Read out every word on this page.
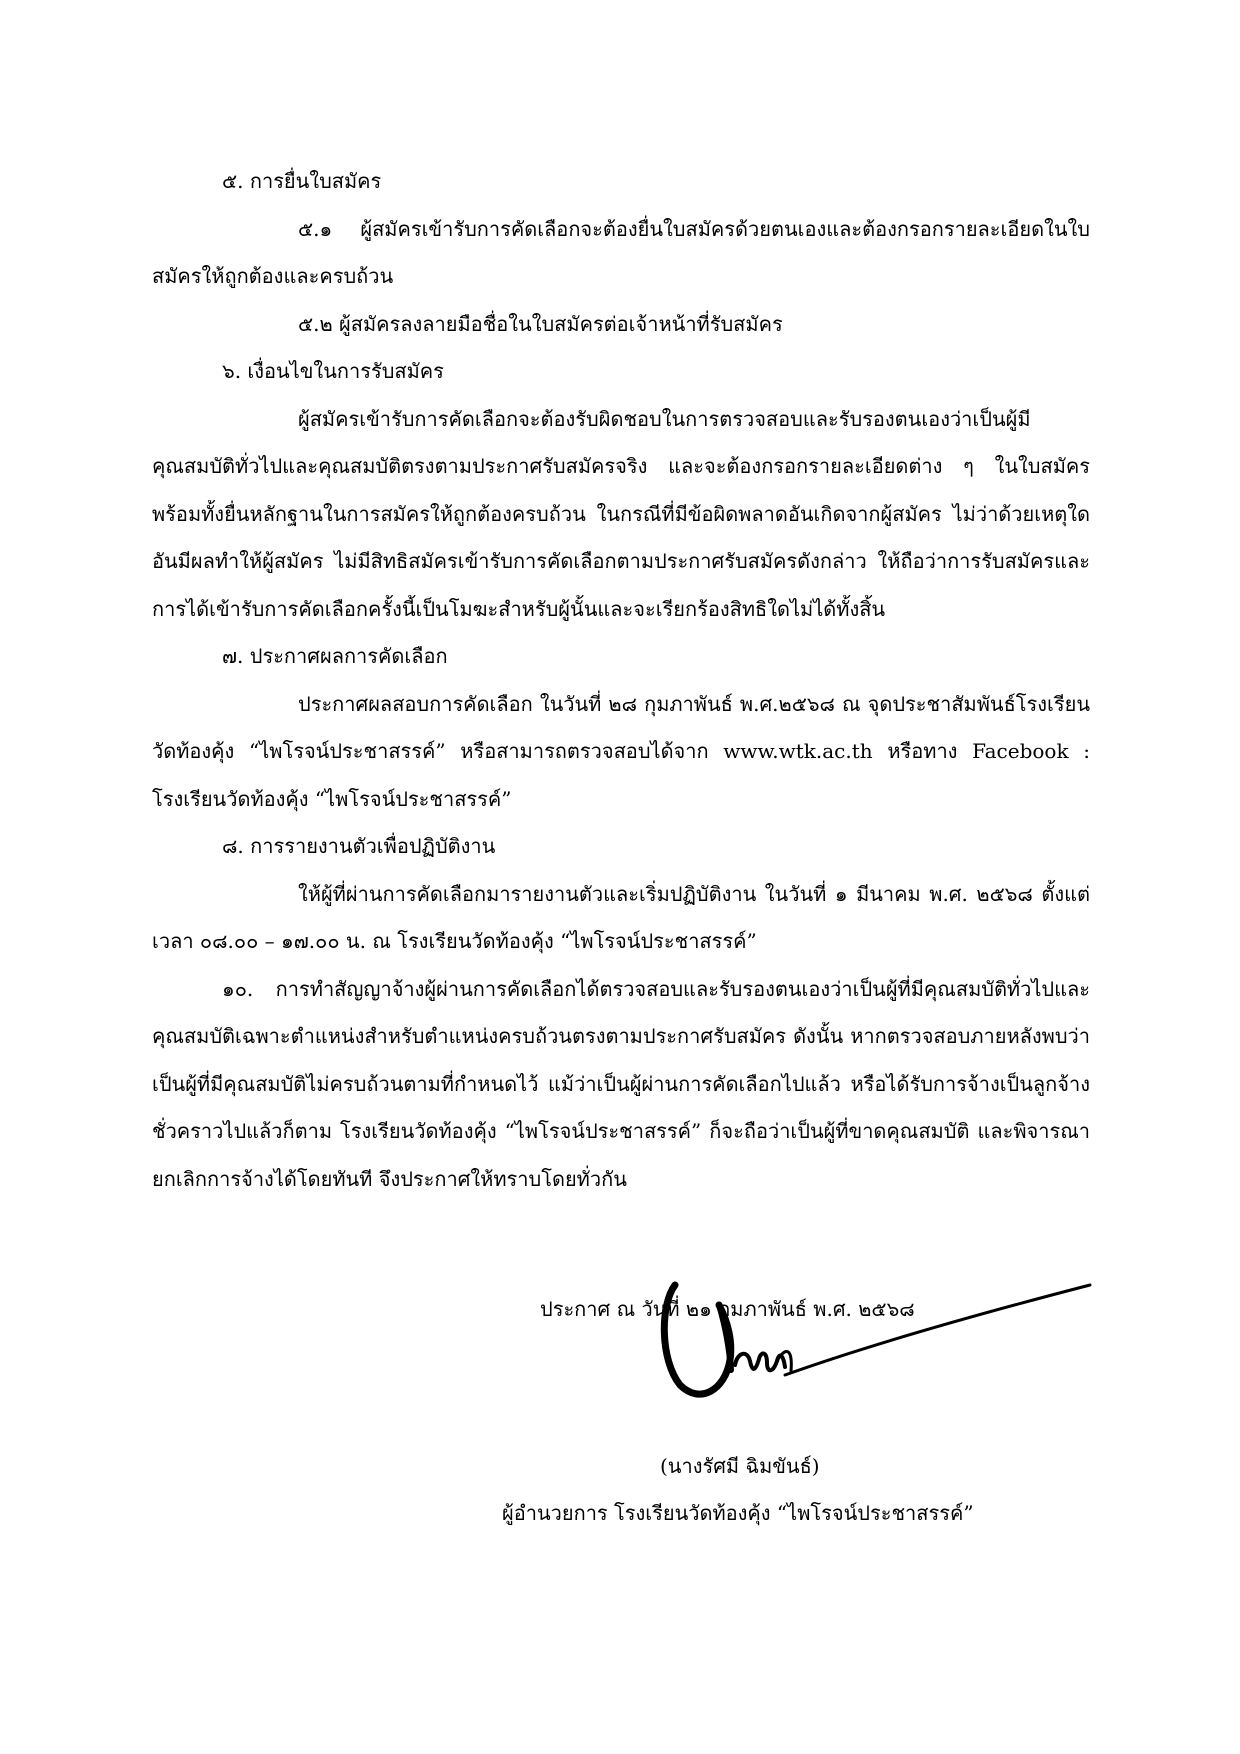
๕. การยื่นใบสมัคร

๕.๑ ผู้สมัครเข้ารับการคัดเลือกจะต้องยื่นใบสมัครด้วยตนเองและต้องกรอกรายละเอียดในใบสมัครให้ถูกต้องและครบถ้วน

๕.๒ ผู้สมัครลงลายมือชื่อในใบสมัครต่อเจ้าหน้าที่รับสมัคร

๖. เงื่อนไขในการรับสมัคร

ผู้สมัครเข้ารับการคัดเลือกจะต้องรับผิดชอบในการตรวจสอบและรับรองตนเองว่าเป็นผู้มีคุณสมบัติทั่วไปและคุณสมบัติตรงตามประกาศรับสมัครจริง และจะต้องกรอกรายละเอียดต่าง ๆ ในใบสมัคร พร้อมทั้งยื่นหลักฐานในการสมัครให้ถูกต้องครบถ้วน ในกรณีที่มีข้อผิดพลาดอันเกิดจากผู้สมัคร ไม่ว่าด้วยเหตุใดอันมีผลทำให้ผู้สมัคร ไม่มีสิทธิสมัครเข้ารับการคัดเลือกตามประกาศรับสมัครดังกล่าว ให้ถือว่าการรับสมัครและการได้เข้ารับการคัดเลือกครั้งนี้เป็นโมฆะสำหรับผู้นั้นและจะเรียกร้องสิทธิใดไม่ได้ทั้งสิ้น

๗. ประกาศผลการคัดเลือก

ประกาศผลสอบการคัดเลือก ในวันที่ ๒๘ กุมภาพันธ์ พ.ศ.๒๕๖๘ ณ จุดประชาสัมพันธ์โรงเรียนวัดท้องคุ้ง “ไพโรจน์ประชาสรรค์” หรือสามารถตรวจสอบได้จาก www.wtk.ac.th หรือทาง Facebook : โรงเรียนวัดท้องคุ้ง “ไพโรจน์ประชาสรรค์”

๘. การรายงานตัวเพื่อปฏิบัติงาน

ให้ผู้ที่ผ่านการคัดเลือกมารายงานตัวและเริ่มปฏิบัติงาน ในวันที่ ๑ มีนาคม พ.ศ. ๒๕๖๘ ตั้งแต่เวลา ๐๘.๐๐ – ๑๗.๐๐ น. ณ โรงเรียนวัดท้องคุ้ง “ไพโรจน์ประชาสรรค์”

๑๐. การทำสัญญาจ้างผู้ผ่านการคัดเลือกได้ตรวจสอบและรับรองตนเองว่าเป็นผู้ที่มีคุณสมบัติทั่วไปและคุณสมบัติเฉพาะตำแหน่งสำหรับตำแหน่งครบถ้วนตรงตามประกาศรับสมัคร ดังนั้น หากตรวจสอบภายหลังพบว่าเป็นผู้ที่มีคุณสมบัติไม่ครบถ้วนตามที่กำหนดไว้ แม้ว่าเป็นผู้ผ่านการคัดเลือกไปแล้ว หรือได้รับการจ้างเป็นลูกจ้างชั่วคราวไปแล้วก็ตาม โรงเรียนวัดท้องคุ้ง “ไพโรจน์ประชาสรรค์” ก็จะถือว่าเป็นผู้ที่ขาดคุณสมบัติ และพิจารณายกเลิกการจ้างได้โดยทันที จึงประกาศให้ทราบโดยทั่วกัน

ประกาศ ณ วันที่ ๒๑ กุมภาพันธ์ พ.ศ. ๒๕๖๘
(นางรัศมี ฉิมขันธ์)
ผู้อำนวยการ โรงเรียนวัดท้องคุ้ง “ไพโรจน์ประชาสรรค์”
